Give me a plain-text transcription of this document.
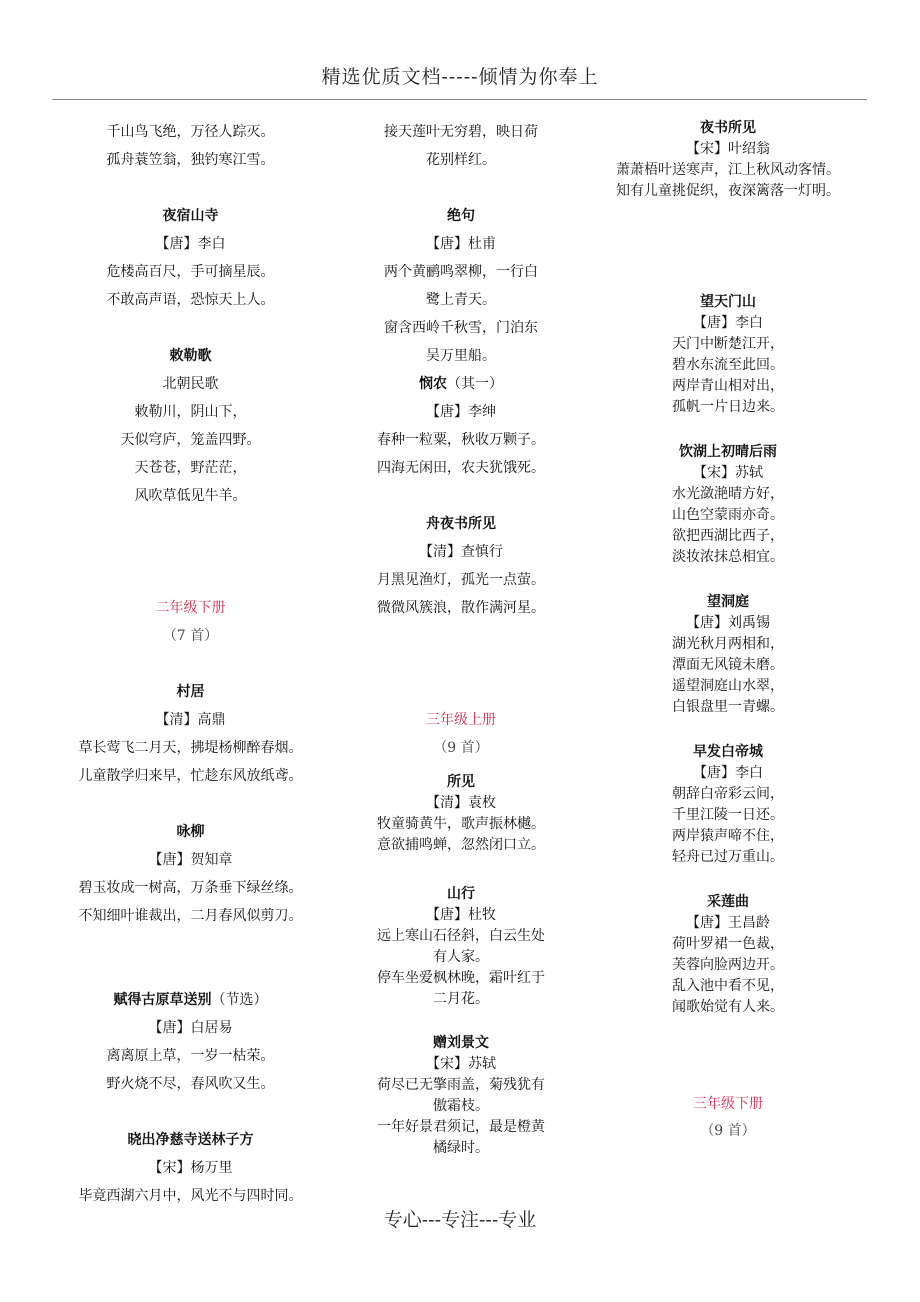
精选优质文档-----倾情为你奉上
千山鸟飞绝，万径人踪灭。
孤舟蓑笠翁，独钓寒江雪。
夜宿山寺
【唐】李白
危楼高百尺，手可摘星辰。
不敢高声语，恐惊天上人。
敕勒歌
北朝民歌
敕勒川，阴山下，
天似穹庐，笼盖四野。
天苍苍，野茫茫，
风吹草低见牛羊。
二年级下册
（7 首）
村居
【清】高鼎
草长莺飞二月天，拂堤杨柳醉春烟。
儿童散学归来早，忙趁东风放纸鸢。
咏柳
【唐】贺知章
碧玉妆成一树高，万条垂下绿丝绦。
不知细叶谁裁出，二月春风似剪刀。
赋得古原草送别（节选）
【唐】白居易
离离原上草，一岁一枯荣。
野火烧不尽，春风吹又生。
晓出净慈寺送林子方
【宋】杨万里
毕竟西湖六月中，风光不与四时同。
接天莲叶无穷碧，映日荷
花别样红。
绝句
【唐】杜甫
两个黄鹂鸣翠柳，一行白
鹭上青天。
窗含西岭千秋雪，门泊东
吴万里船。
悯农（其一）
【唐】李绅
春种一粒粟，秋收万颗子。
四海无闲田，农夫犹饿死。
舟夜书所见
【清】查慎行
月黑见渔灯，孤光一点萤。
微微风簇浪，散作满河星。
三年级上册
（9 首）
所见
【清】袁枚
牧童骑黄牛，歌声振林樾。
意欲捕鸣蝉，忽然闭口立。
山行
【唐】杜牧
远上寒山石径斜，白云生处
有人家。
停车坐爱枫林晚，霜叶红于
二月花。
赠刘景文
【宋】苏轼
荷尽已无擎雨盖，菊残犹有
傲霜枝。
一年好景君须记，最是橙黄
橘绿时。
夜书所见
【宋】叶绍翁
萧萧梧叶送寒声，江上秋风动客情。
知有儿童挑促织，夜深篱落一灯明。
望天门山
【唐】李白
天门中断楚江开，
碧水东流至此回。
两岸青山相对出，
孤帆一片日边来。
饮湖上初晴后雨
【宋】苏轼
水光潋滟晴方好，
山色空蒙雨亦奇。
欲把西湖比西子，
淡妆浓抹总相宜。
望洞庭
【唐】刘禹锡
湖光秋月两相和，
潭面无风镜未磨。
遥望洞庭山水翠，
白银盘里一青螺。
早发白帝城
【唐】李白
朝辞白帝彩云间，
千里江陵一日还。
两岸猿声啼不住，
轻舟已过万重山。
采莲曲
【唐】王昌龄
荷叶罗裙一色裁，
芙蓉向脸两边开。
乱入池中看不见，
闻歌始觉有人来。
三年级下册
（9 首）
专心---专注---专业
